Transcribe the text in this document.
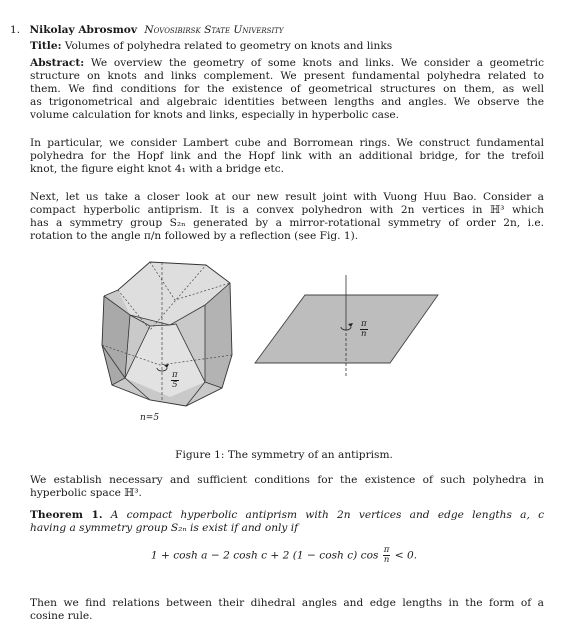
1. Nikolay Abrosmov Novosibirsk State University
Title: Volumes of polyhedra related to geometry on knots and links
Abstract: We overview the geometry of some knots and links. We consider a geometric
structure on knots and links complement. We present fundamental polyhedra related to
them. We find conditions for the existence of geometrical structures on them, as well
as trigonometrical and algebraic identities between lengths and angles. We observe the
volume calculation for knots and links, especially in hyperbolic case.
In particular, we consider Lambert cube and Borromean rings. We construct fundamental
polyhedra for the Hopf link and the Hopf link with an additional bridge, for the trefoil
knot, the figure eight knot 4₁ with a bridge etc.
Next, let us take a closer look at our new result joint with Vuong Huu Bao. Consider a
compact hyperbolic antiprism. It is a convex polyhedron with 2n vertices in ℍ³ which
has a symmetry group S₂ₙ generated by a mirror-rotational symmetry of order 2n, i.e.
rotation to the angle π/n followed by a reflection (see Fig. 1).
$\frac{\pi}{5}$
$\frac{\pi}{n}$
n=5
Figure 1: The symmetry of an antiprism.
We establish necessary and sufficient conditions for the existence of such polyhedra in
hyperbolic space ℍ³.
Theorem 1. A compact hyperbolic antiprism with 2n vertices and edge lengths a, c
having a symmetry group S₂ₙ is exist if and only if
1 + cosh a − 2 cosh c + 2 (1 − cosh c) $\cos \frac{\pi}{n} < 0$.
Then we find relations between their dihedral angles and edge lengths in the form of a
cosine rule.
